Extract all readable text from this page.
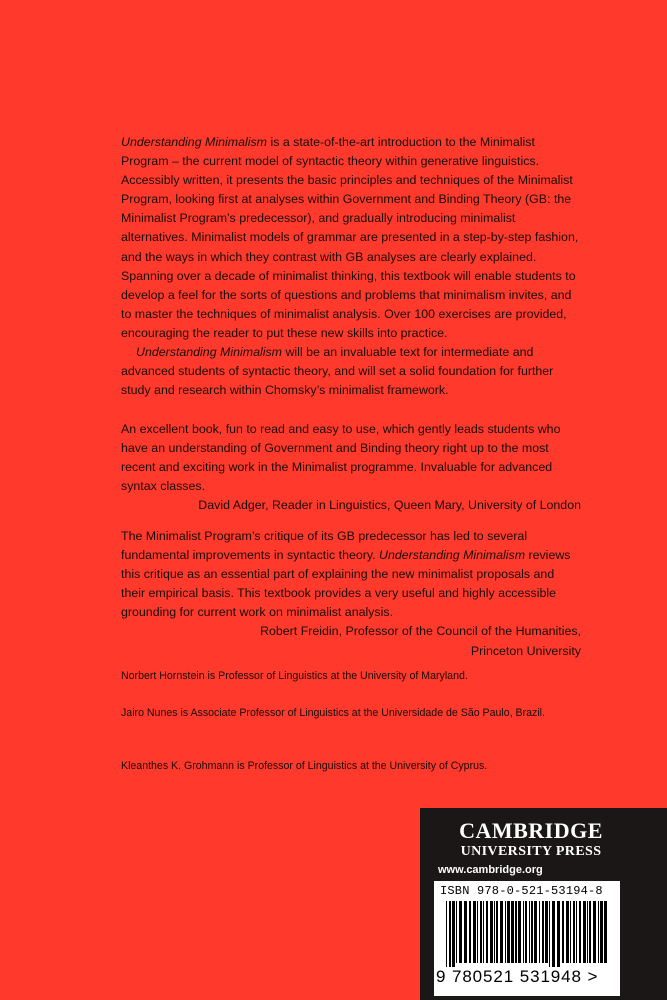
Understanding Minimalism is a state-of-the-art introduction to the Minimalist Program – the current model of syntactic theory within generative linguistics. Accessibly written, it presents the basic principles and techniques of the Minimalist Program, looking first at analyses within Government and Binding Theory (GB: the Minimalist Program’s predecessor), and gradually introducing minimalist alternatives. Minimalist models of grammar are presented in a step-by-step fashion, and the ways in which they contrast with GB analyses are clearly explained. Spanning over a decade of minimalist thinking, this textbook will enable students to develop a feel for the sorts of questions and problems that minimalism invites, and to master the techniques of minimalist analysis. Over 100 exercises are provided, encouraging the reader to put these new skills into practice.

Understanding Minimalism will be an invaluable text for intermediate and advanced students of syntactic theory, and will set a solid foundation for further study and research within Chomsky’s minimalist framework.

An excellent book, fun to read and easy to use, which gently leads students who have an understanding of Government and Binding theory right up to the most recent and exciting work in the Minimalist programme. Invaluable for advanced syntax classes.

David Adger, Reader in Linguistics, Queen Mary, University of London

The Minimalist Program’s critique of its GB predecessor has led to several fundamental improvements in syntactic theory. Understanding Minimalism reviews this critique as an essential part of explaining the new minimalist proposals and their empirical basis. This textbook provides a very useful and highly accessible grounding for current work on minimalist analysis.

Robert Freidin, Professor of the Council of the Humanities,

Princeton University

Norbert Hornstein is Professor of Linguistics at the University of Maryland.

Jairo Nunes is Associate Professor of Linguistics at the Universidade de São Paulo, Brazil.

Kleanthes K. Grohmann is Professor of Linguistics at the University of Cyprus.

CAMBRIDGE
UNIVERSITY PRESS
www.cambridge.org
ISBN 978-0-521-53194-8
9 780521 531948 >
